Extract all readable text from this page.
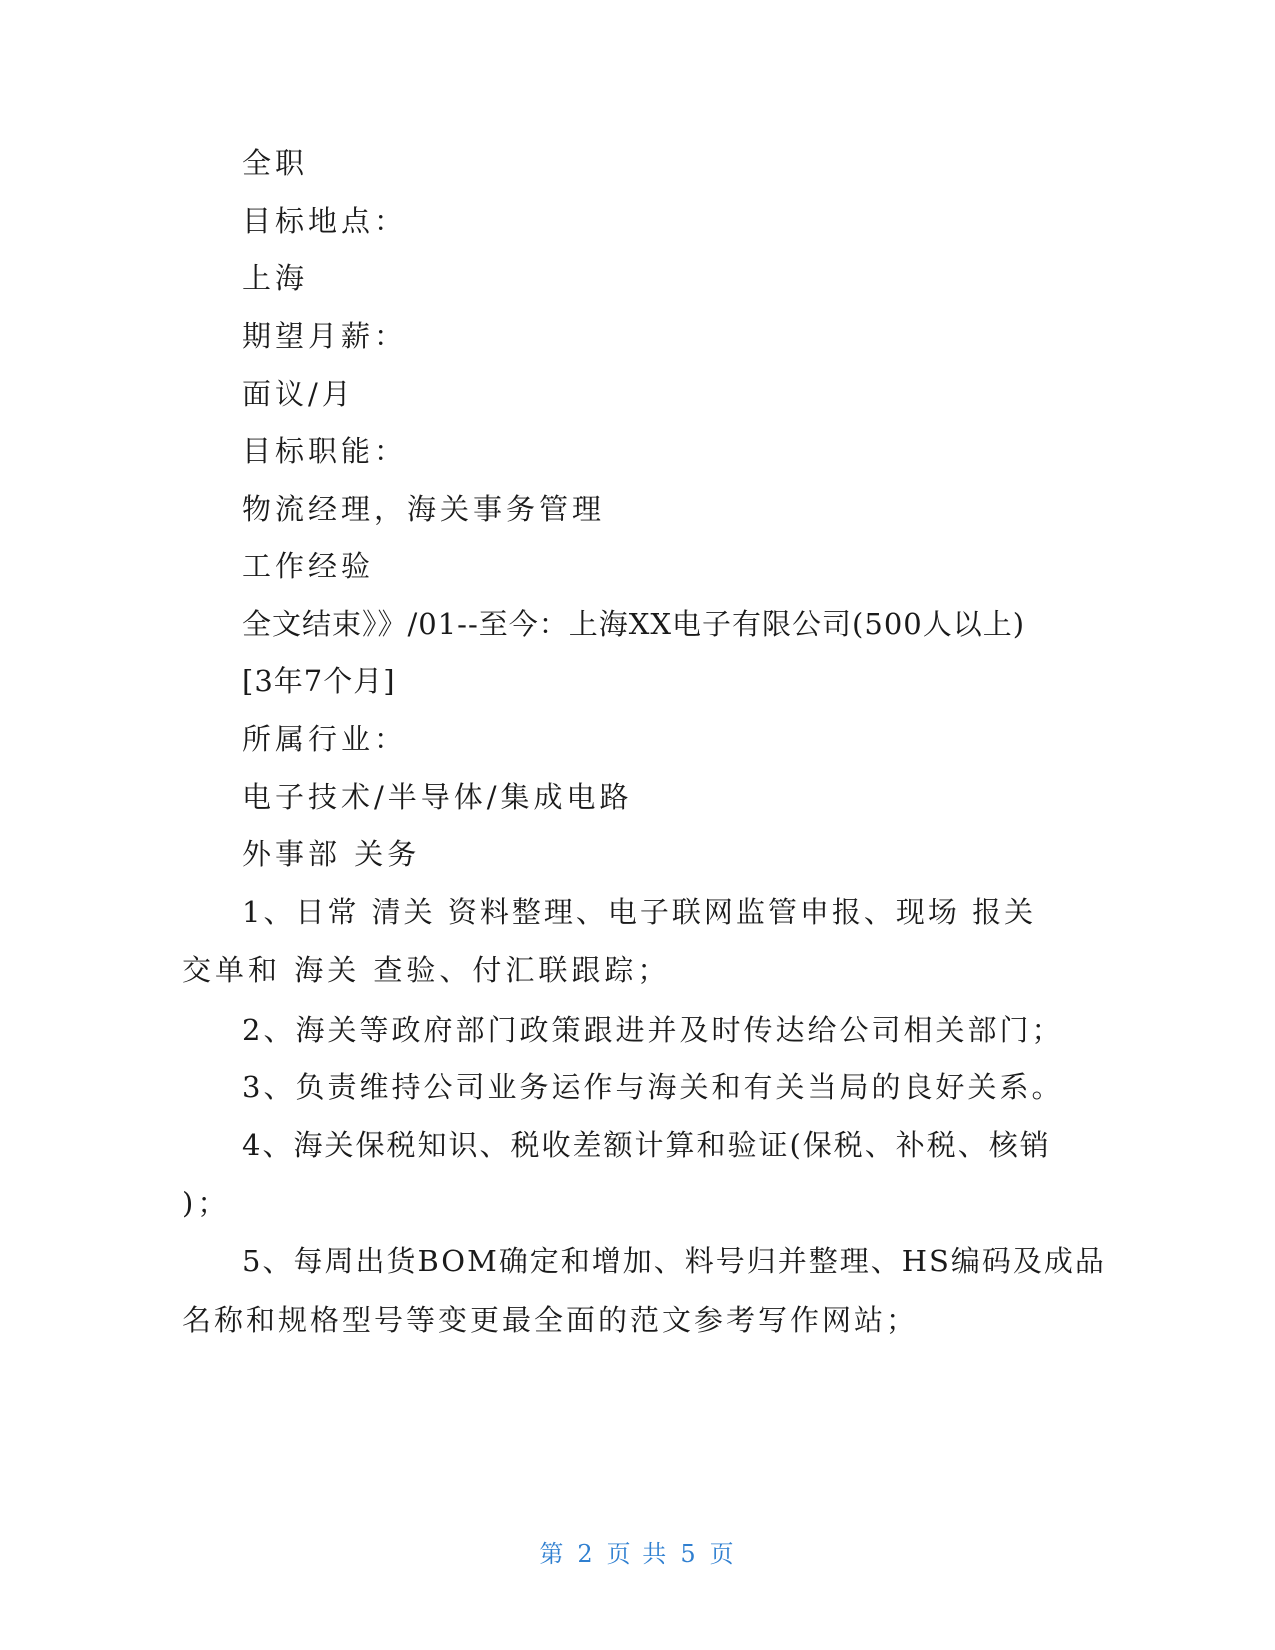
全职

目标地点：

上海

期望月薪：

面议/月

目标职能：

物流经理，海关事务管理

工作经验

全文结束》》/01--至今：上海XX电子有限公司(500人以上)

[3年7个月]

所属行业：

电子技术/半导体/集成电路

外事部 关务

1、日常 清关 资料整理、电子联网监管申报、现场 报关

交单和 海关 查验、付汇联跟踪；

2、海关等政府部门政策跟进并及时传达给公司相关部门；

3、负责维持公司业务运作与海关和有关当局的良好关系。

4、海关保税知识、税收差额计算和验证(保税、补税、核销

)；

5、每周出货BOM确定和增加、料号归并整理、HS编码及成品

名称和规格型号等变更最全面的范文参考写作网站；

第 2 页 共 5 页
